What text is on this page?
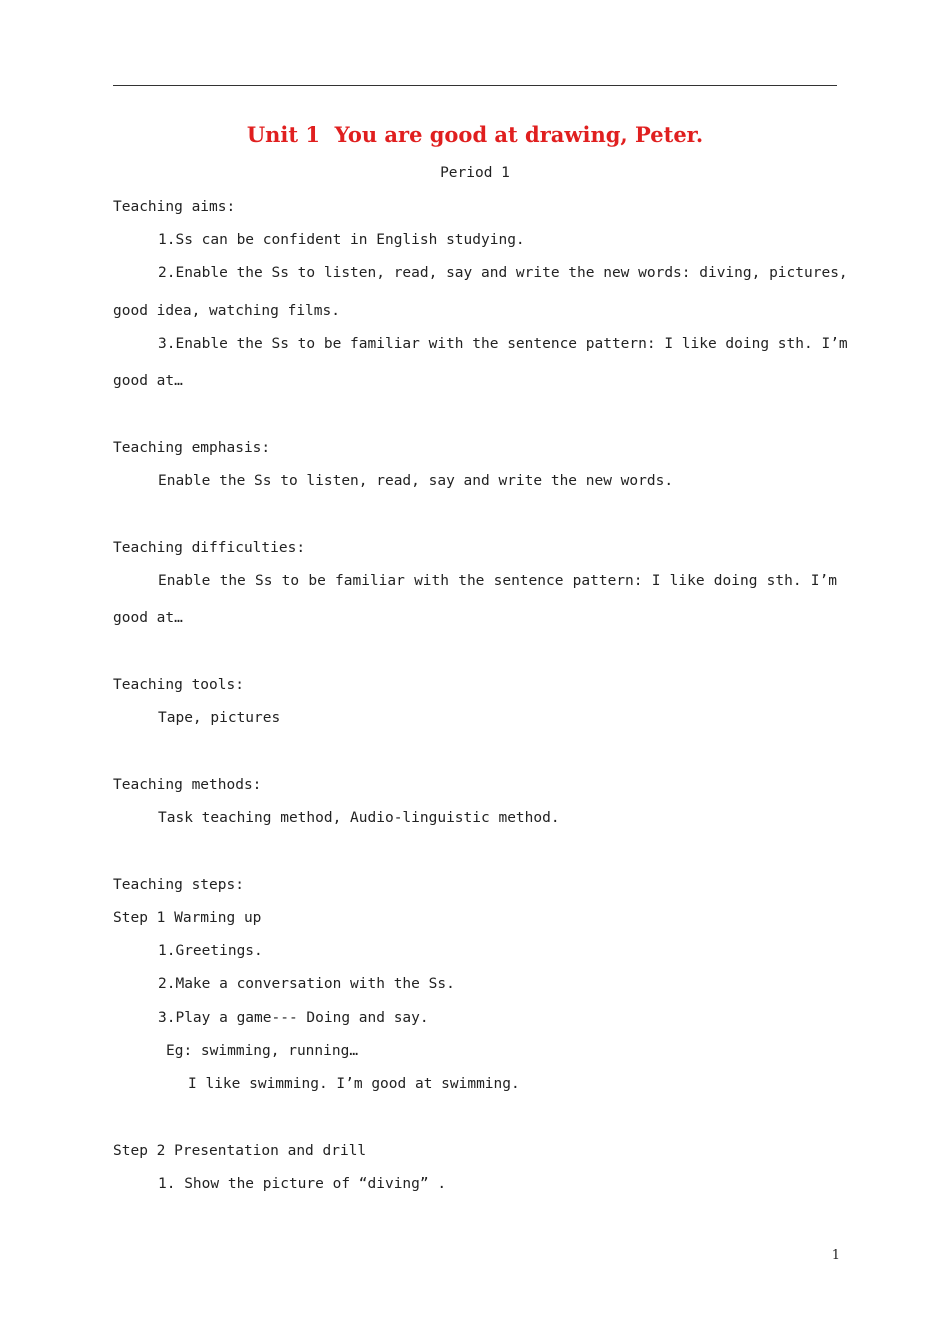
Unit 1  You are good at drawing, Peter.
Period 1
Teaching aims:
1.Ss can be confident in English studying.
2.Enable the Ss to listen, read, say and write the new words: diving, pictures,
good idea, watching films.
3.Enable the Ss to be familiar with the sentence pattern: I like doing sth. I’m
good at…
Teaching emphasis:
Enable the Ss to listen, read, say and write the new words.
Teaching difficulties:
Enable the Ss to be familiar with the sentence pattern: I like doing sth. I’m
good at…
Teaching tools:
Tape, pictures
Teaching methods:
Task teaching method, Audio-linguistic method.
Teaching steps:
Step 1 Warming up
1.Greetings.
2.Make a conversation with the Ss.
3.Play a game--- Doing and say.
Eg: swimming, running…
I like swimming. I’m good at swimming.
Step 2 Presentation and drill
1. Show the picture of “diving” .
1
